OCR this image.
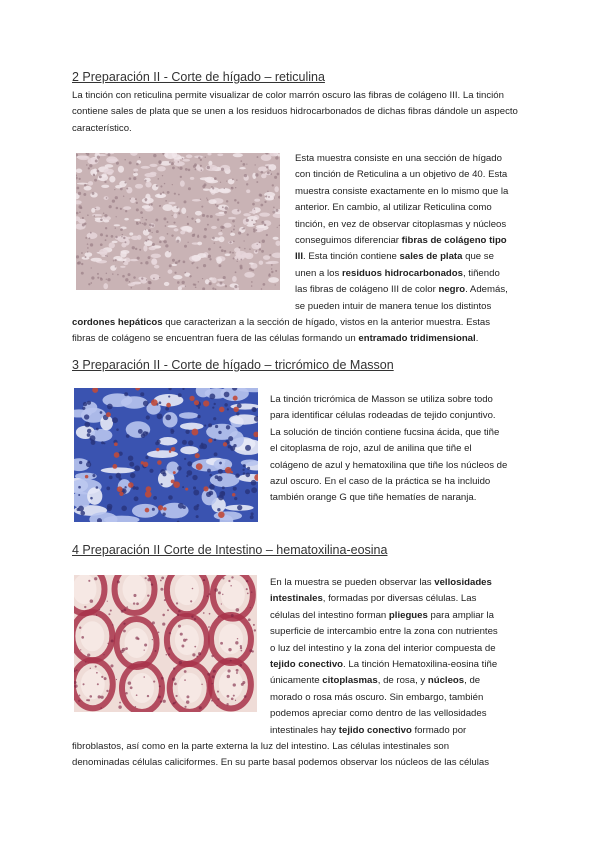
2 Preparación II - Corte de hígado – reticulina

La tinción con reticulina permite visualizar de color marrón oscuro las fibras de colágeno III. La tinción contiene sales de plata que se unen a los residuos hidrocarbonados de dichas fibras dándole un aspecto característico.

Esta muestra consiste en una sección de hígado
con tinción de Reticulina a un objetivo de 40. Esta
muestra consiste exactamente en lo mismo que la
anterior. En cambio, al utilizar Reticulina como
tinción, en vez de observar citoplasmas y núcleos
conseguimos diferenciar fibras de colágeno tipo
III. Esta tinción contiene sales de plata que se
unen a los residuos hidrocarbonados, tiñendo
las fibras de colágeno III de color negro. Además,
se pueden intuir de manera tenue los distintos
cordones hepáticos que caracterizan a la sección de hígado, vistos en la anterior muestra. Estas
fibras de colágeno se encuentran fuera de las células formando un entramado tridimensional.
3 Preparación II - Corte de hígado – tricrómico de Masson
La tinción tricrómica de Masson se utiliza sobre todo
para identificar células rodeadas de tejido conjuntivo.
La solución de tinción contiene fucsina ácida, que tiñe
el citoplasma de rojo, azul de anilina que tiñe el
colágeno de azul y hematoxilina que tiñe los núcleos de
azul oscuro. En el caso de la práctica se ha incluido
también orange G que tiñe hematíes de naranja.
4 Preparación II Corte de Intestino – hematoxilina-eosina
En la muestra se pueden observar las vellosidades
intestinales, formadas por diversas células. Las
células del intestino forman pliegues para ampliar la
superficie de intercambio entre la zona con nutrientes
o luz del intestino y la zona del interior compuesta de
tejido conectivo. La tinción Hematoxilina-eosina tiñe
únicamente citoplasmas, de rosa, y núcleos, de
morado o rosa más oscuro. Sin embargo, también
podemos apreciar como dentro de las vellosidades
intestinales hay tejido conectivo formado por
fibroblastos, así como en la parte externa la luz del intestino. Las células intestinales son
denominadas células caliciformes. En su parte basal podemos observar los núcleos de las células
